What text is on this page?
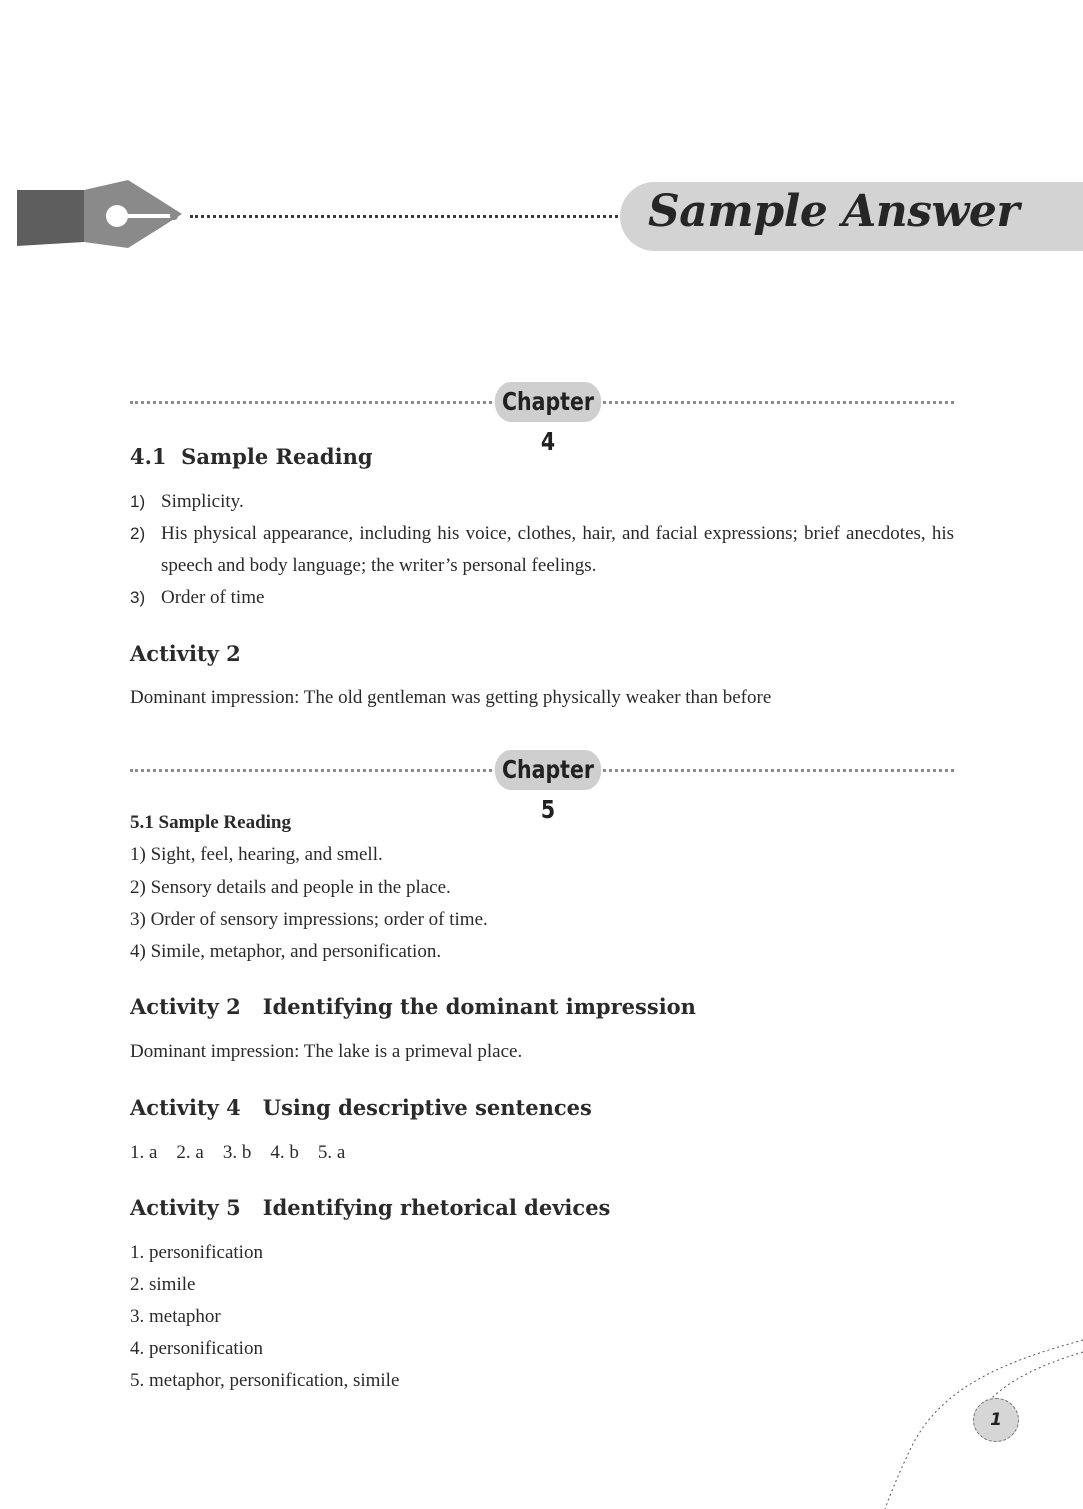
Sample Answer
Chapter 4
4.1 Sample Reading
1) Simplicity.
2) His physical appearance, including his voice, clothes, hair, and facial expressions; brief anecdotes, his speech and body language; the writer’s personal feelings.
3) Order of time
Activity 2
Dominant impression: The old gentleman was getting physically weaker than before
Chapter 5
5.1 Sample Reading
1) Sight, feel, hearing, and smell.
2) Sensory details and people in the place.
3) Order of sensory impressions; order of time.
4) Simile, metaphor, and personification.
Activity 2 Identifying the dominant impression
Dominant impression: The lake is a primeval place.
Activity 4 Using descriptive sentences
1. a    2. a    3. b    4. b    5. a
Activity 5 Identifying rhetorical devices
1. personification
2. simile
3. metaphor
4. personification
5. metaphor, personification, simile
1
